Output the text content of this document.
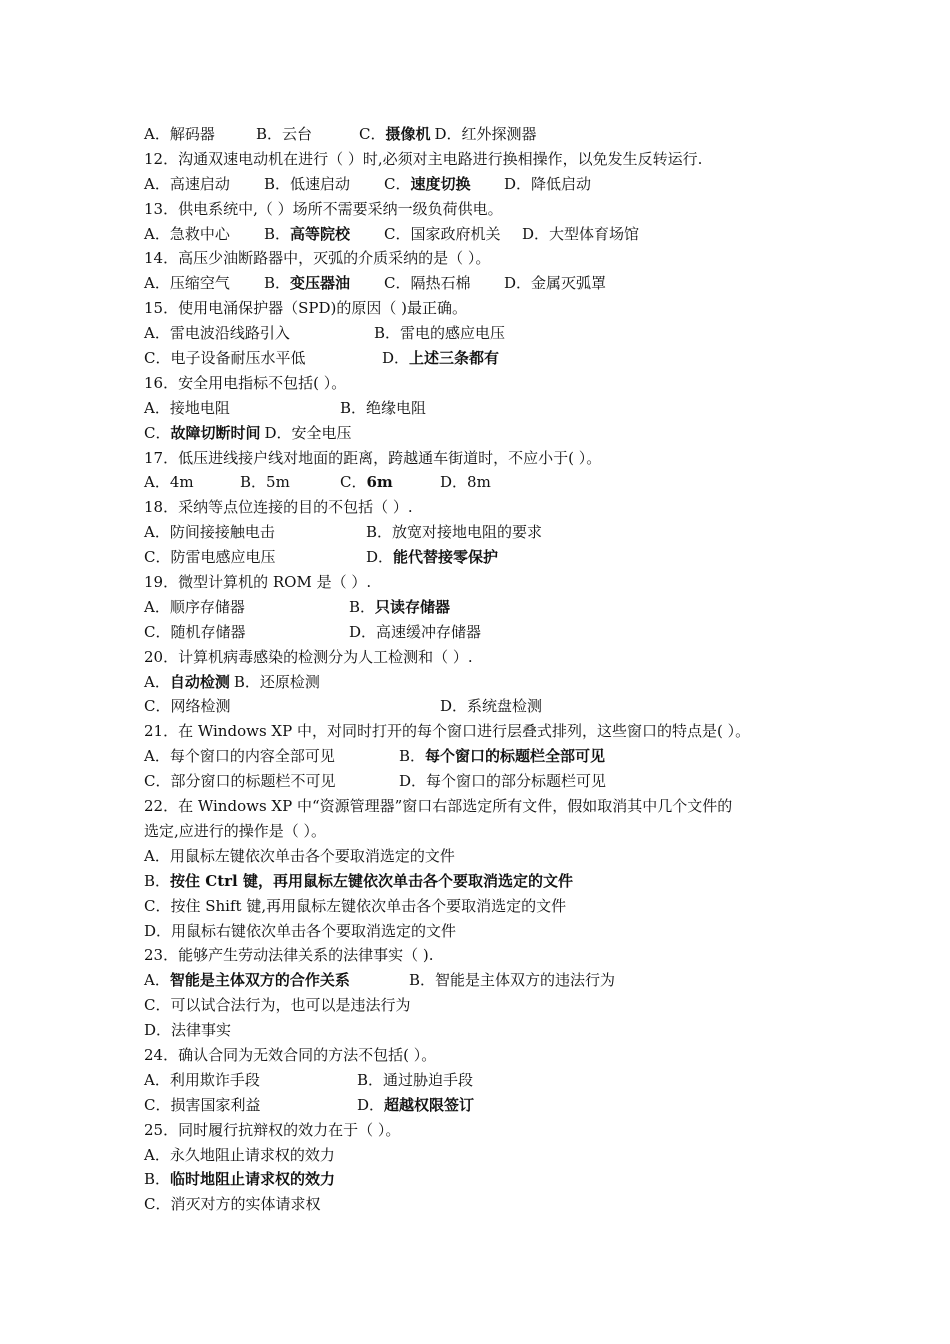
A．解码器	B．云台	C． 摄像机 D．红外探测器
12．沟通双速电动机在进行（ ）时,必须对主电路进行换相操作，以免发生反转运行.
A．高速启动 B．低速启动 C． 速度切换 D．降低启动
13．供电系统中,（ ）场所不需要采纳一级负荷供电。
A．急救中心 B． 高等院校 C．国家政府机关 D．大型体育场馆
14．高压少油断路器中，灭弧的介质采纳的是（ ）。
A．压缩空气 B． 变压器油 C．隔热石棉 D．金属灭弧罩
15．使用电涌保护器（SPD)的原因（ )最正确。
A．雷电波沿线路引入	B．雷电的感应电压
C．电子设备耐压水平低	D． 上述三条都有
16．安全用电指标不包括( ）。
A．接地电阻	B．绝缘电阻
C． 故障切断时间 D．安全电压
17．低压进线接户线对地面的距离，跨越通车街道时，不应小于( ）。
A．4m	B．5m	C． 6m	D．8m
18．采纳等点位连接的目的不包括（ ）.
A．防间接接触电击	B．放宽对接地电阻的要求
C．防雷电感应电压	D． 能代替接零保护
19．微型计算机的 ROM 是（ ）.
A．顺序存储器	B． 只读存储器
C．随机存储器	D．高速缓冲存储器
20．计算机病毒感染的检测分为人工检测和（ ）.
A． 自动检测 B．还原检测
C．网络检测	D．系统盘检测
21．在 Windows XP 中，对同时打开的每个窗口进行层叠式排列，这些窗口的特点是( ）。
A．每个窗口的内容全部可见	B． 每个窗口的标题栏全部可见
C．部分窗口的标题栏不可见	D．每个窗口的部分标题栏可见
22．在 Windows XP 中“资源管理器”窗口右部选定所有文件，假如取消其中几个文件的
选定,应进行的操作是（ ）。
A．用鼠标左键依次单击各个要取消选定的文件
B． 按住 Ctrl 键，再用鼠标左键依次单击各个要取消选定的文件
C．按住 Shift 键,再用鼠标左键依次单击各个要取消选定的文件
D．用鼠标右键依次单击各个要取消选定的文件
23．能够产生劳动法律关系的法律事实（ ).
A． 智能是主体双方的合作关系	B．智能是主体双方的违法行为
C．可以试合法行为，也可以是违法行为
D．法律事实
24．确认合同为无效合同的方法不包括( ）。
A．利用欺诈手段	B．通过胁迫手段
C．损害国家利益	D． 超越权限签订
25．同时履行抗辩权的效力在于（ ）。
A．永久地阻止请求权的效力
B． 临时地阻止请求权的效力
C．消灭对方的实体请求权
